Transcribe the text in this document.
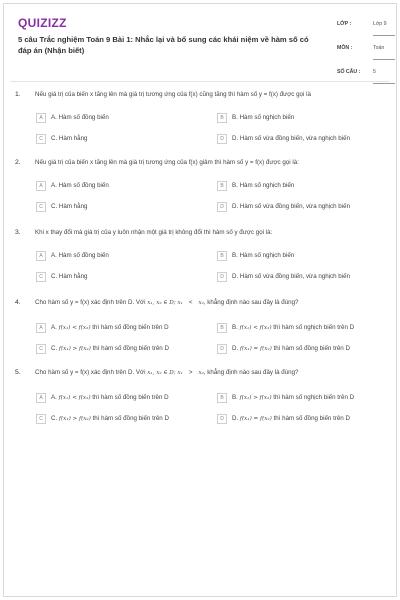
QUIZIZZ
5 câu Trắc nghiệm Toán 9 Bài 1: Nhắc lại và bổ sung các khái niệm về hàm số có đáp án (Nhận biết)
LỚP :	Lớp 9
MÔN :	Toán
SỐ CÂU : 5
1. Nếu giá trị của biến x tăng lên mà giá trị tương ứng của f(x) cũng tăng thì hàm số y = f(x) được gọi là
A	A. Hàm số đồng biến	B	B. Hàm số nghịch biến
C	C. Hàm hằng	D	D. Hàm số vừa đồng biến, vừa nghịch biến
2. Nếu giá trị của biến x tăng lên mà giá trị tương ứng của f(x) giảm thì hàm số y = f(x) được gọi là:
A	A. Hàm số đồng biến	B	B. Hàm số nghịch biến
C	C. Hàm hằng	D	D. Hàm số vừa đồng biến, vừa nghịch biến
3. Khi x thay đổi mà giá trị của y luôn nhận một giá trị không đổi thì hàm số y được gọi là:
A	A. Hàm số đồng biến	B	B. Hàm số nghịch biến
C	C. Hàm hằng	D	D. Hàm số vừa đồng biến, vừa nghịch biến
4. Cho hàm số y = f(x) xác định trên D. Với x₁, x₂ ∈ D; x₁ < x₂, khẳng định nào sau đây là đúng?
A	A. f(x₁) < f(x₂) thì hàm số đồng biến trên D	B	B. f(x₁) < f(x₂) thì hàm số nghịch biến trên D
C	C. f(x₁) > f(x₂) thì hàm số đồng biến trên D	D	D. f(x₁) = f(x₂) thì hàm số đồng biến trên D
5. Cho hàm số y = f(x) xác định trên D. Với x₁, x₂ ∈ D; x₁ > x₂, khẳng định nào sau đây là đúng?
A	A. f(x₁) < f(x₂) thì hàm số đồng biến trên D	B	B. f(x₁) > f(x₂) thì hàm số nghịch biến trên D
C	C. f(x₁) > f(x₂) thì hàm số đồng biến trên D	D	D. f(x₁) = f(x₂) thì hàm số đồng biến trên D
